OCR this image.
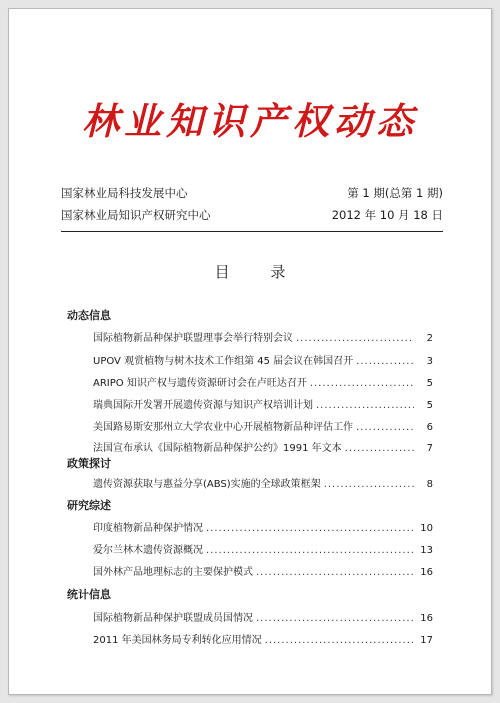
林业知识产权动态
国家林业局科技发展中心	第 1 期(总第 1 期)
国家林业局知识产权研究中心	2012 年 10 月 18 日
目 录
动态信息
国际植物新品种保护联盟理事会举行特别会议 .....	2
UPOV 观赏植物与树木技术工作组第 45 届会议在韩国召开 .....	3
ARIPO 知识产权与遗传资源研讨会在卢旺达召开 .....	5
瑞典国际开发署开展遗传资源与知识产权培训计划 .....	5
美国路易斯安那州立大学农业中心开展植物新品种评估工作 .....	6
法国宣布承认《国际植物新品种保护公约》1991 年文本 .....	7
政策探讨
遗传资源获取与惠益分享(ABS)实施的全球政策框架 .....	8
研究综述
印度植物新品种保护情况 .....	10
爱尔兰林木遗传资源概况 .....	13
国外林产品地理标志的主要保护模式 .....	16
统计信息
国际植物新品种保护联盟成员国情况 .....	16
2011 年美国林务局专利转化应用情况 .....	17
